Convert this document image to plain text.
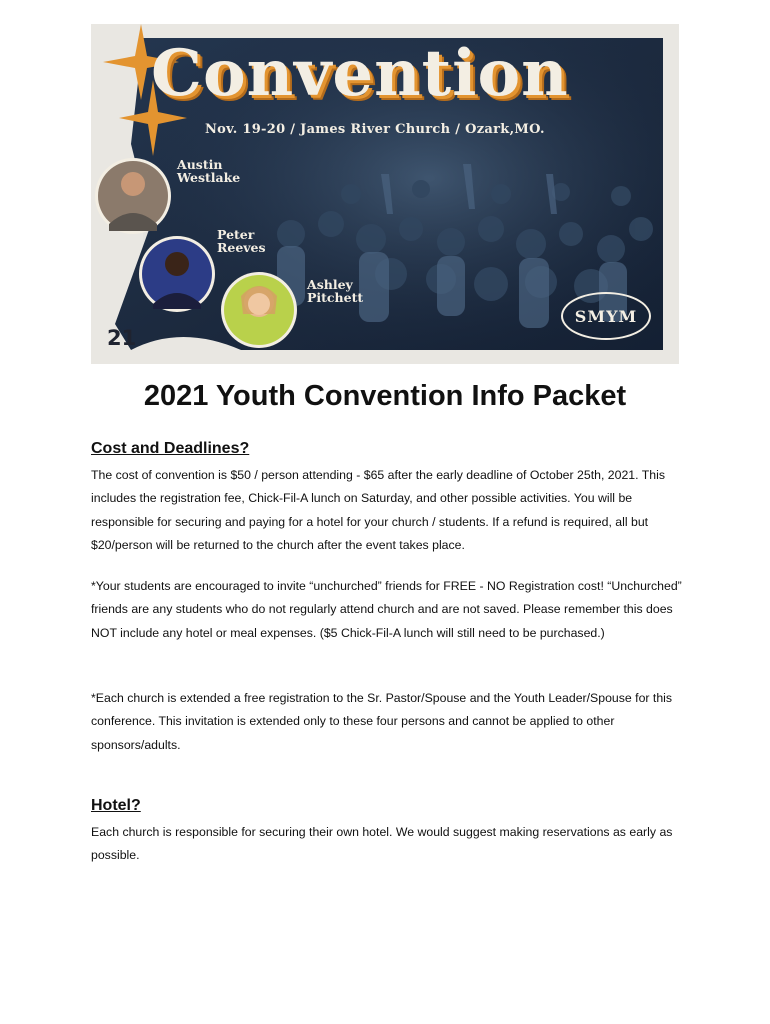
Convention
Nov. 19-20 / James River Church / Ozark,MO.
Austin
Westlake
Peter
Reeves
Ashley
Pitchett
21
SMYM
2021 Youth Convention Info Packet
Cost and Deadlines?

The cost of convention is $50 / person attending - $65 after the early deadline of October 25th, 2021. This includes the registration fee, Chick-Fil-A lunch on Saturday, and other possible activities. You will be responsible for securing and paying for a hotel for your church / students. If a refund is required, all but $20/person will be returned to the church after the event takes place.

*Your students are encouraged to invite “unchurched” friends for FREE - NO Registration cost! “Unchurched” friends are any students who do not regularly attend church and are not saved. Please remember this does NOT include any hotel or meal expenses. ($5 Chick-Fil-A lunch will still need to be purchased.)

*Each church is extended a free registration to the Sr. Pastor/Spouse and the Youth Leader/Spouse for this conference. This invitation is extended only to these four persons and cannot be applied to other sponsors/adults.

Hotel?

Each church is responsible for securing their own hotel. We would suggest making reservations as early as possible.
